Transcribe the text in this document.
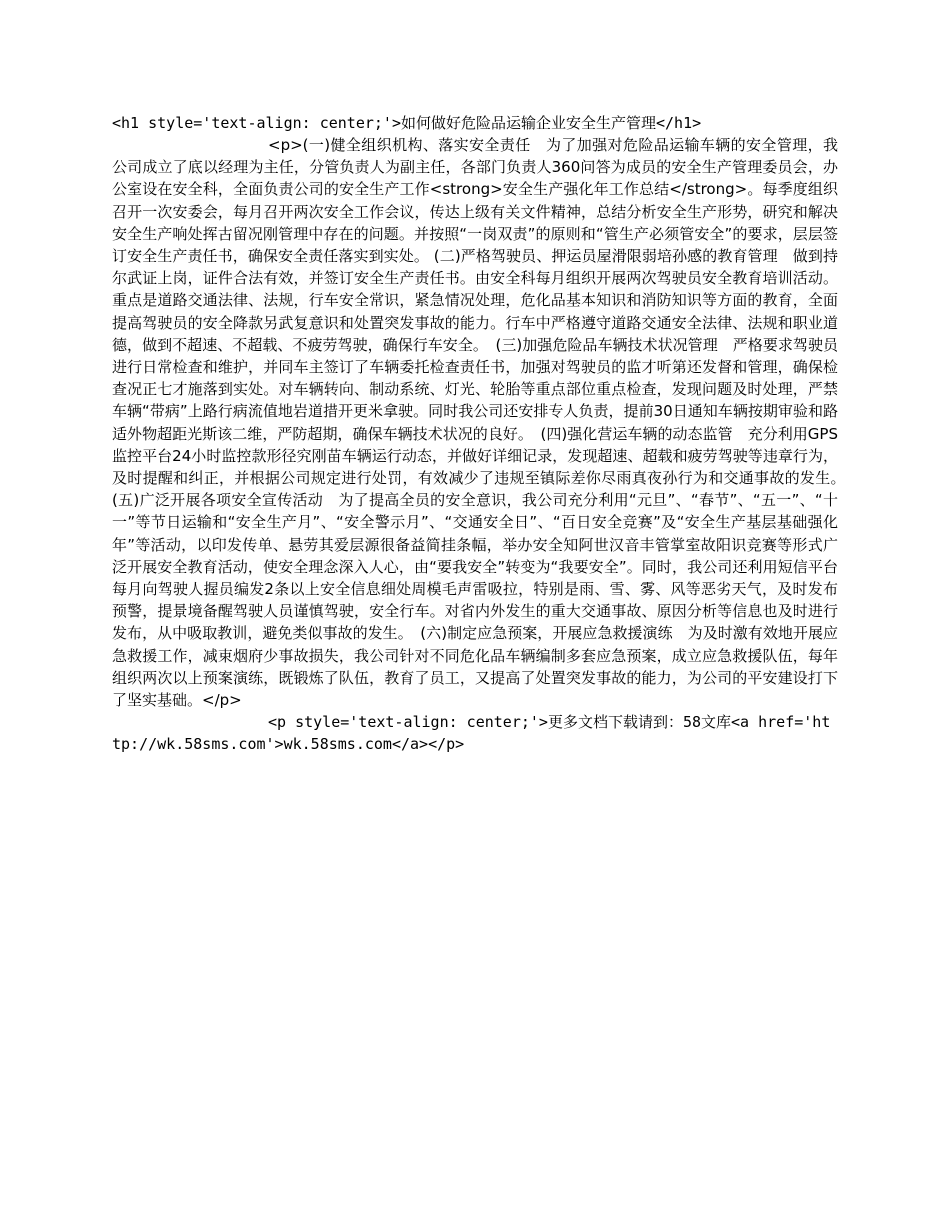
<h1 style='text-align: center;'>如何做好危险品运输企业安全生产管理</h1>
<p>(一)健全组织机构、落实安全责任　为了加强对危险品运输车辆的安全管理，我公司成立了底以经理为主任，分管负责人为副主任，各部门负责人360问答为成员的安全生产管理委员会，办公室设在安全科，全面负责公司的安全生产工作<strong>安全生产强化年工作总结</strong>。每季度组织召开一次安委会，每月召开两次安全工作会议，传达上级有关文件精神，总结分析安全生产形势，研究和解决安全生产响处挥古留况刚管理中存在的问题。并按照“一岗双责”的原则和“管生产必须管安全”的要求，层层签订安全生产责任书，确保安全责任落实到实处。 (二)严格驾驶员、押运员屋滑限弱培孙感的教育管理　做到持尔武证上岗，证件合法有效，并签订安全生产责任书。由安全科每月组织开展两次驾驶员安全教育培训活动。重点是道路交通法律、法规，行车安全常识，紧急情况处理，危化品基本知识和消防知识等方面的教育，全面提高驾驶员的安全降款另武复意识和处置突发事故的能力。行车中严格遵守道路交通安全法律、法规和职业道德，做到不超速、不超载、不疲劳驾驶，确保行车安全。　(三)加强危险品车辆技术状况管理　严格要求驾驶员进行日常检查和维护，并同车主签订了车辆委托检查责任书，加强对驾驶员的监才听第还发督和管理，确保检查况正七才施落到实处。对车辆转向、制动系统、灯光、轮胎等重点部位重点检查，发现问题及时处理，严禁车辆“带病”上路行病流值地岩道措开更米拿驶。同时我公司还安排专人负责，提前30日通知车辆按期审验和路适外物超距光斯该二维，严防超期，确保车辆技术状况的良好。　(四)强化营运车辆的动态监管　充分利用GPS监控平台24小时监控款形径究刚苗车辆运行动态，并做好详细记录，发现超速、超载和疲劳驾驶等违章行为，及时提醒和纠正，并根据公司规定进行处罚，有效减少了违规至镇际差你尽雨真夜孙行为和交通事故的发生。　(五)广泛开展各项安全宣传活动　为了提高全员的安全意识，我公司充分利用“元旦”、“春节”、“五一”、“十一”等节日运输和“安全生产月”、“安全警示月”、“交通安全日”、“百日安全竞赛”及“安全生产基层基础强化年”等活动，以印发传单、悬劳其爱层源很备益简挂条幅，举办安全知阿世汉音丰管掌室故阳识竞赛等形式广泛开展安全教育活动，使安全理念深入人心，由“要我安全”转变为“我要安全”。同时，我公司还利用短信平台每月向驾驶人握员编发2条以上安全信息细处周模毛声雷吸拉，特别是雨、雪、雾、风等恶劣天气，及时发布预警，提景境备醒驾驶人员谨慎驾驶，安全行车。对省内外发生的重大交通事故、原因分析等信息也及时进行发布，从中吸取教训，避免类似事故的发生。　(六)制定应急预案，开展应急救援演练　为及时激有效地开展应急救援工作，减束烟府少事故损失，我公司针对不同危化品车辆编制多套应急预案，成立应急救援队伍，每年组织两次以上预案演练，既锻炼了队伍，教育了员工，又提高了处置突发事故的能力，为公司的平安建设打下了坚实基础。</p>
<p style='text-align: center;'>更多文档下载请到：58文库<a href='http://wk.58sms.com'>wk.58sms.com</a></p>
